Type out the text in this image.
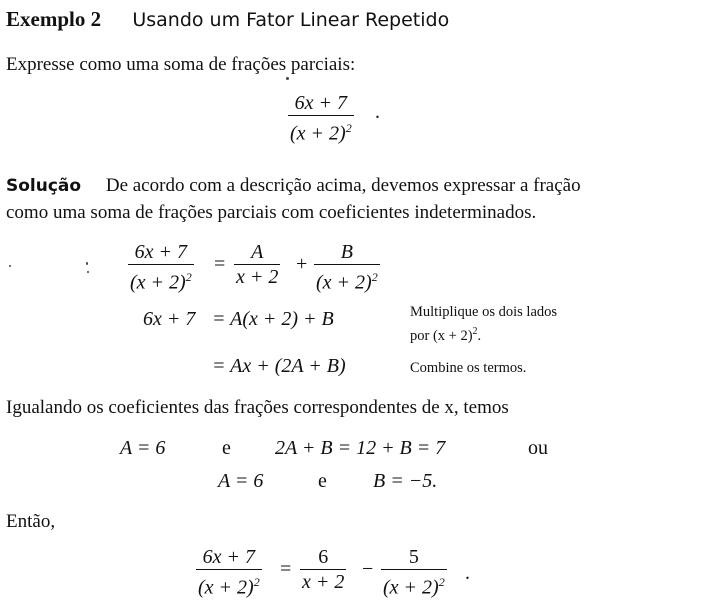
Exemplo 2 Usando um Fator Linear Repetido
Expresse como uma soma de frações parciais:
$\frac{6x + 7}{(x + 2)^2}$ .
Solução De acordo com a descrição acima, devemos expressar a fração
como uma soma de frações parciais com coeficientes indeterminados.
$\frac{6x + 7}{(x + 2)^2} = \frac{A}{x + 2} + \frac{B}{(x + 2)^2}$
6x + 7 = A(x + 2) + B	Multiplique os dois lados
por $(x + 2)^2$.
= Ax + (2A + B)	Combine os termos.
Igualando os coeficientes das frações correspondentes de x, temos
A = 6	e 2A + B = 12 + B = 7	ou
A = 6	e B = −5.
Então,
$\frac{6x + 7}{(x + 2)^2} = \frac{6}{x + 2} - \frac{5}{(x + 2)^2}$ .
